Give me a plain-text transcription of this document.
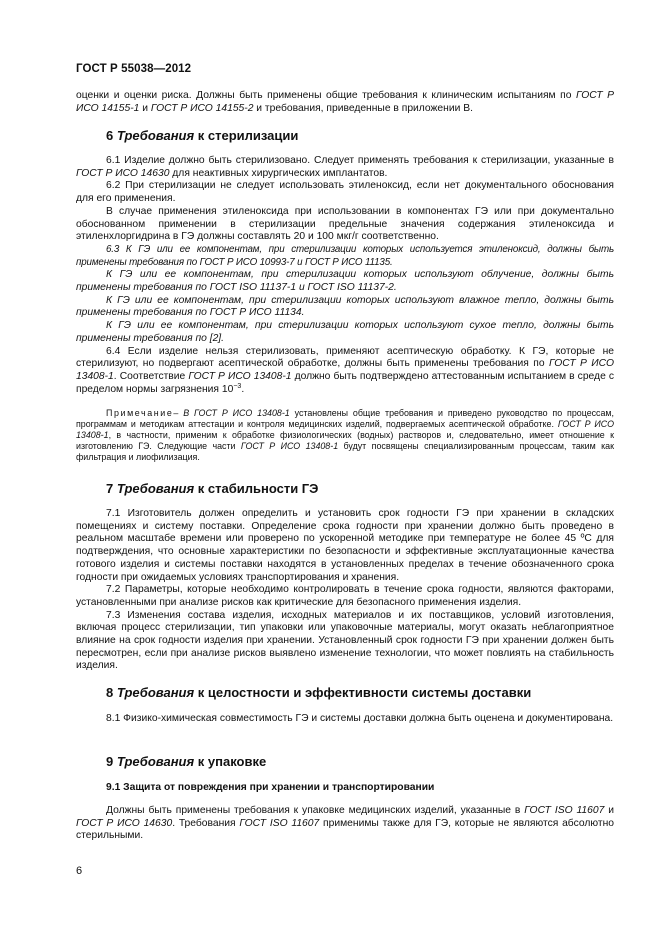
ГОСТ Р 55038—2012

оценки и оценки риска. Должны быть применены общие требования к клиническим испытаниям по ГОСТ Р ИСО 14155-1 и ГОСТ Р ИСО 14155-2 и требования, приведенные в приложении В.

6 Требования к стерилизации

6.1 Изделие должно быть стерилизовано. Следует применять требования к стерилизации, указанные в ГОСТ Р ИСО 14630 для неактивных хирургических имплантатов.

6.2 При стерилизации не следует использовать этиленоксид, если нет документального обоснования для его применения.

В случае применения этиленоксида при использовании в компонентах ГЭ или при документально обоснованном применении в стерилизации предельные значения содержания этиленоксида и этиленхлоргидрина в ГЭ должны составлять 20 и 100 мкг/г соответственно.

6.3 К ГЭ или ее компонентам, при стерилизации которых используется этиленоксид, должны быть применены требования по ГОСТ Р ИСО 10993-7 и ГОСТ Р ИСО 11135.

К ГЭ или ее компонентам, при стерилизации которых используют облучение, должны быть применены требования по ГОСТ ISO 11137-1 и ГОСТ ISO 11137-2.

К ГЭ или ее компонентам, при стерилизации которых используют влажное тепло, должны быть применены требования по ГОСТ Р ИСО 11134.

К ГЭ или ее компонентам, при стерилизации которых используют сухое тепло, должны быть применены требования по [2].

6.4 Если изделие нельзя стерилизовать, применяют асептическую обработку. К ГЭ, которые не стерилизуют, но подвергают асептической обработке, должны быть применены требования по ГОСТ Р ИСО 13408-1. Соответствие ГОСТ Р ИСО 13408-1 должно быть подтверждено аттестованным испытанием в среде с пределом нормы загрязнения $10^{-3}$.

Примечание– В ГОСТ Р ИСО 13408-1 установлены общие требования и приведено руководство по процессам, программам и методикам аттестации и контроля медицинских изделий, подвергаемых асептической обработке. ГОСТ Р ИСО 13408-1, в частности, применим к обработке физиологических (водных) растворов и, следовательно, имеет отношение к изготовлению ГЭ. Следующие части ГОСТ Р ИСО 13408-1 будут посвящены специализированным процессам, таким как фильтрация и лиофилизация.

7 Требования к стабильности ГЭ

7.1 Изготовитель должен определить и установить срок годности ГЭ при хранении в складских помещениях и систему поставки. Определение срока годности при хранении должно быть проведено в реальном масштабе времени или проверено по ускоренной методике при температуре не более 45 ºС для подтверждения, что основные характеристики по безопасности и эффективные эксплуатационные качества готового изделия и системы поставки находятся в установленных пределах в течение обозначенного срока годности при ожидаемых условиях транспортирования и хранения.

7.2 Параметры, которые необходимо контролировать в течение срока годности, являются факторами, установленными при анализе рисков как критические для безопасного применения изделия.

7.3 Изменения состава изделия, исходных материалов и их поставщиков, условий изготовления, включая процесс стерилизации, тип упаковки или упаковочные материалы, могут оказать неблагоприятное влияние на срок годности изделия при хранении. Установленный срок годности ГЭ при хранении должен быть пересмотрен, если при анализе рисков выявлено изменение технологии, что может повлиять на стабильность изделия.

8 Требования к целостности и эффективности системы доставки

8.1 Физико-химическая совместимость ГЭ и системы доставки должна быть оценена и документирована.

9 Требования к упаковке
9.1 Защита от повреждения при хранении и транспортировании

Должны быть применены требования к упаковке медицинских изделий, указанные в ГОСТ ISO 11607 и ГОСТ Р ИСО 14630. Требования ГОСТ ISO 11607 применимы также для ГЭ, которые не являются абсолютно стерильными.

6
